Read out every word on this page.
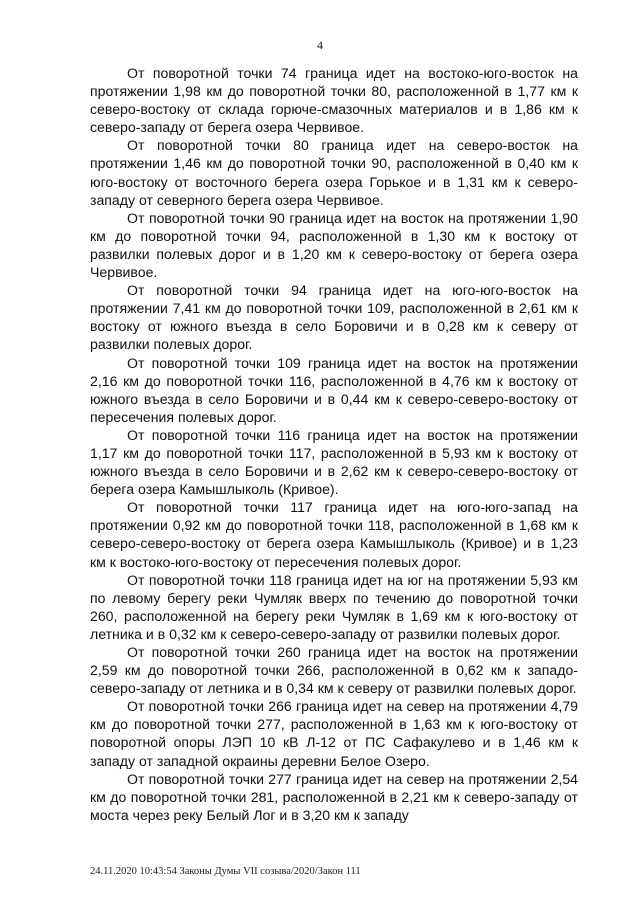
4

От поворотной точки 74 граница идет на востоко-юго-восток на протяжении 1,98 км до поворотной точки 80, расположенной в 1,77 км к северо-востоку от склада горюче-смазочных материалов и в 1,86 км к северо-западу от берега озера Червивое.

От поворотной точки 80 граница идет на северо-восток на протяжении 1,46 км до поворотной точки 90, расположенной в 0,40 км к юго-востоку от восточного берега озера Горькое и в 1,31 км к северо-западу от северного берега озера Червивое.

От поворотной точки 90 граница идет на восток на протяжении 1,90 км до поворотной точки 94, расположенной в 1,30 км к востоку от развилки полевых дорог и в 1,20 км к северо-востоку от берега озера Червивое.

От поворотной точки 94 граница идет на юго-юго-восток на протяжении 7,41 км до поворотной точки 109, расположенной в 2,61 км к востоку от южного въезда в село Боровичи и в 0,28 км к северу от развилки полевых дорог.

От поворотной точки 109 граница идет на восток на протяжении 2,16 км до поворотной точки 116, расположенной в 4,76 км к востоку от южного въезда в село Боровичи и в 0,44 км к северо-северо-востоку от пересечения полевых дорог.

От поворотной точки 116 граница идет на восток на протяжении 1,17 км до поворотной точки 117, расположенной в 5,93 км к востоку от южного въезда в село Боровичи и в 2,62 км к северо-северо-востоку от берега озера Камышлыколь (Кривое).

От поворотной точки 117 граница идет на юго-юго-запад на протяжении 0,92 км до поворотной точки 118, расположенной в 1,68 км к северо-северо-востоку от берега озера Камышлыколь (Кривое) и в 1,23 км к востоко-юго-востоку от пересечения полевых дорог.

От поворотной точки 118 граница идет на юг на протяжении 5,93 км по левому берегу реки Чумляк вверх по течению до поворотной точки 260, расположенной на берегу реки Чумляк в 1,69 км к юго-востоку от летника и в 0,32 км к северо-северо-западу от развилки полевых дорог.

От поворотной точки 260 граница идет на восток на протяжении 2,59 км до поворотной точки 266, расположенной в 0,62 км к западо-северо-западу от летника и в 0,34 км к северу от развилки полевых дорог.

От поворотной точки 266 граница идет на север на протяжении 4,79 км до поворотной точки 277, расположенной в 1,63 км к юго-востоку от поворотной опоры ЛЭП 10 кВ Л-12 от ПС Сафакулево и в 1,46 км к западу от западной окраины деревни Белое Озеро.

От поворотной точки 277 граница идет на север на протяжении 2,54 км до поворотной точки 281, расположенной в 2,21 км к северо-западу от моста через реку Белый Лог и в 3,20 км к западу

24.11.2020 10:43:54 Законы Думы VII созыва/2020/Закон 111
